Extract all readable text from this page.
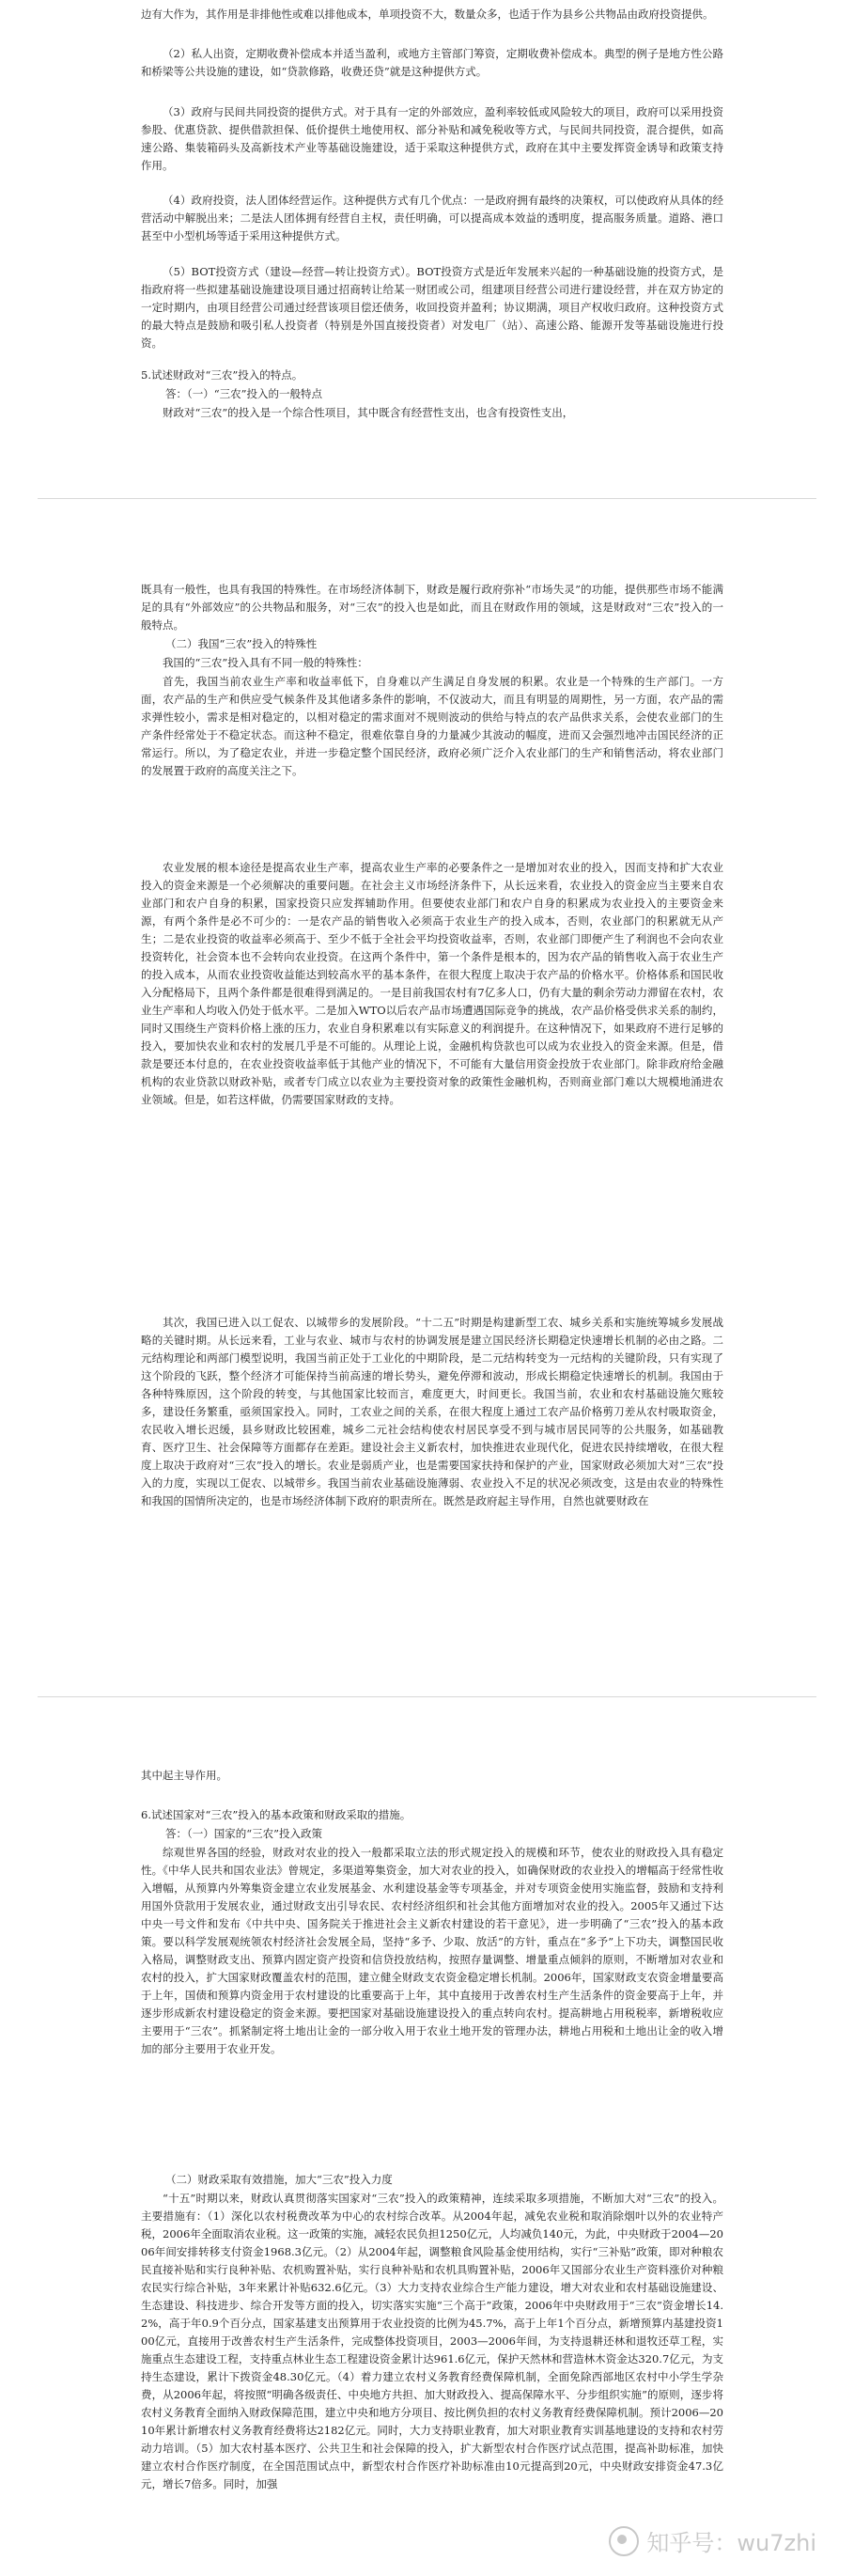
边有大作为，其作用是非排他性或难以排他成本，单项投资不大，数量众多，也适于作为县乡公共物品由政府投资提供。
（2）私人出资，定期收费补偿成本并适当盈利，或地方主管部门筹资，定期收费补偿成本。典型的例子是地方性公路和桥梁等公共设施的建设，如“贷款修路，收费还贷”就是这种提供方式。
（3）政府与民间共同投资的提供方式。对于具有一定的外部效应，盈利率较低或风险较大的项目，政府可以采用投资参股、优惠贷款、提供借款担保、低价提供土地使用权、部分补贴和减免税收等方式，与民间共同投资，混合提供，如高速公路、集装箱码头及高新技术产业等基础设施建设，适于采取这种提供方式，政府在其中主要发挥资金诱导和政策支持作用。
（4）政府投资，法人团体经营运作。这种提供方式有几个优点：一是政府拥有最终的决策权，可以使政府从具体的经营活动中解脱出来；二是法人团体拥有经营自主权，责任明确，可以提高成本效益的透明度，提高服务质量。道路、港口甚至中小型机场等适于采用这种提供方式。
（5）BOT投资方式（建设—经营—转让投资方式）。BOT投资方式是近年发展来兴起的一种基础设施的投资方式，是指政府将一些拟建基础设施建设项目通过招商转让给某一财团或公司，组建项目经营公司进行建设经营，并在双方协定的一定时期内，由项目经营公司通过经营该项目偿还债务，收回投资并盈利；协议期满，项目产权收归政府。这种投资方式的最大特点是鼓励和吸引私人投资者（特别是外国直接投资者）对发电厂（站）、高速公路、能源开发等基础设施进行投资。
5.试述财政对“三农”投入的特点。
答：（一）“三农”投入的一般特点
财政对“三农”的投入是一个综合性项目，其中既含有经营性支出，也含有投资性支出，
既具有一般性，也具有我国的特殊性。在市场经济体制下，财政是履行政府弥补“市场失灵”的功能，提供那些市场不能满足的具有“外部效应”的公共物品和服务，对“三农”的投入也是如此，而且在财政作用的领域，这是财政对“三农”投入的一般特点。
（二）我国“三农”投入的特殊性
我国的“三农”投入具有不同一般的特殊性：
首先，我国当前农业生产率和收益率低下，自身难以产生满足自身发展的积累。农业是一个特殊的生产部门。一方面，农产品的生产和供应受气候条件及其他诸多条件的影响，不仅波动大，而且有明显的周期性，另一方面，农产品的需求弹性较小，需求是相对稳定的，以相对稳定的需求面对不规则波动的供给与特点的农产品供求关系，会使农业部门的生产条件经常处于不稳定状态。而这种不稳定，很难依靠自身的力量减少其波动的幅度，进而又会强烈地冲击国民经济的正常运行。所以，为了稳定农业，并进一步稳定整个国民经济，政府必须广泛介入农业部门的生产和销售活动，将农业部门的发展置于政府的高度关注之下。
农业发展的根本途径是提高农业生产率，提高农业生产率的必要条件之一是增加对农业的投入，因而支持和扩大农业投入的资金来源是一个必须解决的重要问题。在社会主义市场经济条件下，从长远来看，农业投入的资金应当主要来自农业部门和农户自身的积累，国家投资只应发挥辅助作用。但要使农业部门和农户自身的积累成为农业投入的主要资金来源，有两个条件是必不可少的：一是农产品的销售收入必须高于农业生产的投入成本，否则，农业部门的积累就无从产生；二是农业投资的收益率必须高于、至少不低于全社会平均投资收益率，否则，农业部门即便产生了利润也不会向农业投资转化，社会资本也不会转向农业投资。在这两个条件中，第一个条件是根本的，因为农产品的销售收入高于农业生产的投入成本，从而农业投资收益能达到较高水平的基本条件，在很大程度上取决于农产品的价格水平。价格体系和国民收入分配格局下，且两个条件都是很难得到满足的。一是目前我国农村有7亿多人口，仍有大量的剩余劳动力滞留在农村，农业生产率和人均收入仍处于低水平。二是加入WTO以后农产品市场遭遇国际竞争的挑战，农产品价格受供求关系的制约，同时又围绕生产资料价格上涨的压力，农业自身积累难以有实际意义的利润提升。在这种情况下，如果政府不进行足够的投入，要加快农业和农村的发展几乎是不可能的。从理论上说，金融机构贷款也可以成为农业投入的资金来源。但是，借款是要还本付息的，在农业投资收益率低于其他产业的情况下，不可能有大量信用资金投放于农业部门。除非政府给金融机构的农业贷款以财政补贴，或者专门成立以农业为主要投资对象的政策性金融机构，否则商业部门难以大规模地涌进农业领域。但是，如若这样做，仍需要国家财政的支持。
其次，我国已进入以工促农、以城带乡的发展阶段。“十二五”时期是构建新型工农、城乡关系和实施统筹城乡发展战略的关键时期。从长远来看，工业与农业、城市与农村的协调发展是建立国民经济长期稳定快速增长机制的必由之路。二元结构理论和两部门模型说明，我国当前正处于工业化的中期阶段，是二元结构转变为一元结构的关键阶段，只有实现了这个阶段的飞跃，整个经济才可能保持当前高速的增长势头，避免停滞和波动，形成长期稳定快速增长的机制。我国由于各种特殊原因，这个阶段的转变，与其他国家比较而言，难度更大，时间更长。我国当前，农业和农村基础设施欠账较多，建设任务繁重，亟须国家投入。同时，工农业之间的关系，在很大程度上通过工农产品价格剪刀差从农村吸取资金，农民收入增长迟缓，县乡财政比较困难，城乡二元社会结构使农村居民享受不到与城市居民同等的公共服务，如基础教育、医疗卫生、社会保障等方面都存在差距。建设社会主义新农村，加快推进农业现代化，促进农民持续增收，在很大程度上取决于政府对“三农”投入的增长。农业是弱质产业，也是需要国家扶持和保护的产业，国家财政必须加大对“三农”投入的力度，实现以工促农、以城带乡。我国当前农业基础设施薄弱、农业投入不足的状况必须改变，这是由农业的特殊性和我国的国情所决定的，也是市场经济体制下政府的职责所在。既然是政府起主导作用，自然也就要财政在
其中起主导作用。
6.试述国家对“三农”投入的基本政策和财政采取的措施。
答：（一）国家的“三农”投入政策
综观世界各国的经验，财政对农业的投入一般都采取立法的形式规定投入的规模和环节，使农业的财政投入具有稳定性。《中华人民共和国农业法》曾规定，多渠道筹集资金，加大对农业的投入，如确保财政的农业投入的增幅高于经常性收入增幅，从预算内外筹集资金建立农业发展基金、水利建设基金等专项基金，并对专项资金使用实施监督，鼓励和支持利用国外贷款用于发展农业，通过财政支出引导农民、农村经济组织和社会其他方面增加对农业的投入。2005年又通过下达中央一号文件和发布《中共中央、国务院关于推进社会主义新农村建设的若干意见》，进一步明确了“三农”投入的基本政策。要以科学发展观统领农村经济社会发展全局，坚持“多予、少取、放活”的方针，重点在“多予”上下功夫，调整国民收入格局，调整财政支出、预算内固定资产投资和信贷投放结构，按照存量调整、增量重点倾斜的原则，不断增加对农业和农村的投入，扩大国家财政覆盖农村的范围，建立健全财政支农资金稳定增长机制。2006年，国家财政支农资金增量要高于上年，国债和预算内资金用于农村建设的比重要高于上年，其中直接用于改善农村生产生活条件的资金要高于上年，并逐步形成新农村建设稳定的资金来源。要把国家对基础设施建设投入的重点转向农村。提高耕地占用税税率，新增税收应主要用于“三农”。抓紧制定将土地出让金的一部分收入用于农业土地开发的管理办法，耕地占用税和土地出让金的收入增加的部分主要用于农业开发。
（二）财政采取有效措施，加大“三农”投入力度
“十五”时期以来，财政认真贯彻落实国家对“三农”投入的政策精神，连续采取多项措施，不断加大对“三农”的投入。主要措施有：（1）深化以农村税费改革为中心的农村综合改革。从2004年起，减免农业税和取消除烟叶以外的农业特产税，2006年全面取消农业税。这一政策的实施，减轻农民负担1250亿元，人均减负140元，为此，中央财政于2004—2006年间安排转移支付资金1968.3亿元。（2）从2004年起，调整粮食风险基金使用结构，实行“三补贴”政策，即对种粮农民直接补贴和实行良种补贴、农机购置补贴，实行良种补贴和农机具购置补贴，2006年又国部分农业生产资料涨价对种粮农民实行综合补贴，3年来累计补贴632.6亿元。（3）大力支持农业综合生产能力建设，增大对农业和农村基础设施建设、生态建设、科技进步、综合开发等方面的投入，切实落实实施“三个高于”政策，2006年中央财政用于“三农”资金增长14.2%，高于年0.9个百分点，国家基建支出预算用于农业投资的比例为45.7%，高于上年1个百分点，新增预算内基建投资100亿元，直接用于改善农村生产生活条件，完成整体投资项目，2003—2006年间，为支持退耕还林和退牧还草工程，实施重点生态建设工程，支持重点林业生态工程建设资金累计达961.6亿元，保护天然林和营造林木资金达320.7亿元，为支持生态建设，累计下拨资金48.30亿元。（4）着力建立农村义务教育经费保障机制，全面免除西部地区农村中小学生学杂费，从2006年起，将按照“明确各级责任、中央地方共担、加大财政投入、提高保障水平、分步组织实施”的原则，逐步将农村义务教育全面纳入财政保障范围，建立中央和地方分项目、按比例负担的农村义务教育经费保障机制。预计2006—2010年累计新增农村义务教育经费将达2182亿元。同时，大力支持职业教育，加大对职业教育实训基地建设的支持和农村劳动力培训。（5）加大农村基本医疗、公共卫生和社会保障的投入，扩大新型农村合作医疗试点范围，提高补助标准，加快建立农村合作医疗制度，在全国范围试点中，新型农村合作医疗补助标准由10元提高到20元，中央财政安排资金47.3亿元，增长7倍多。同时，加强
知乎号：wu7zhi
